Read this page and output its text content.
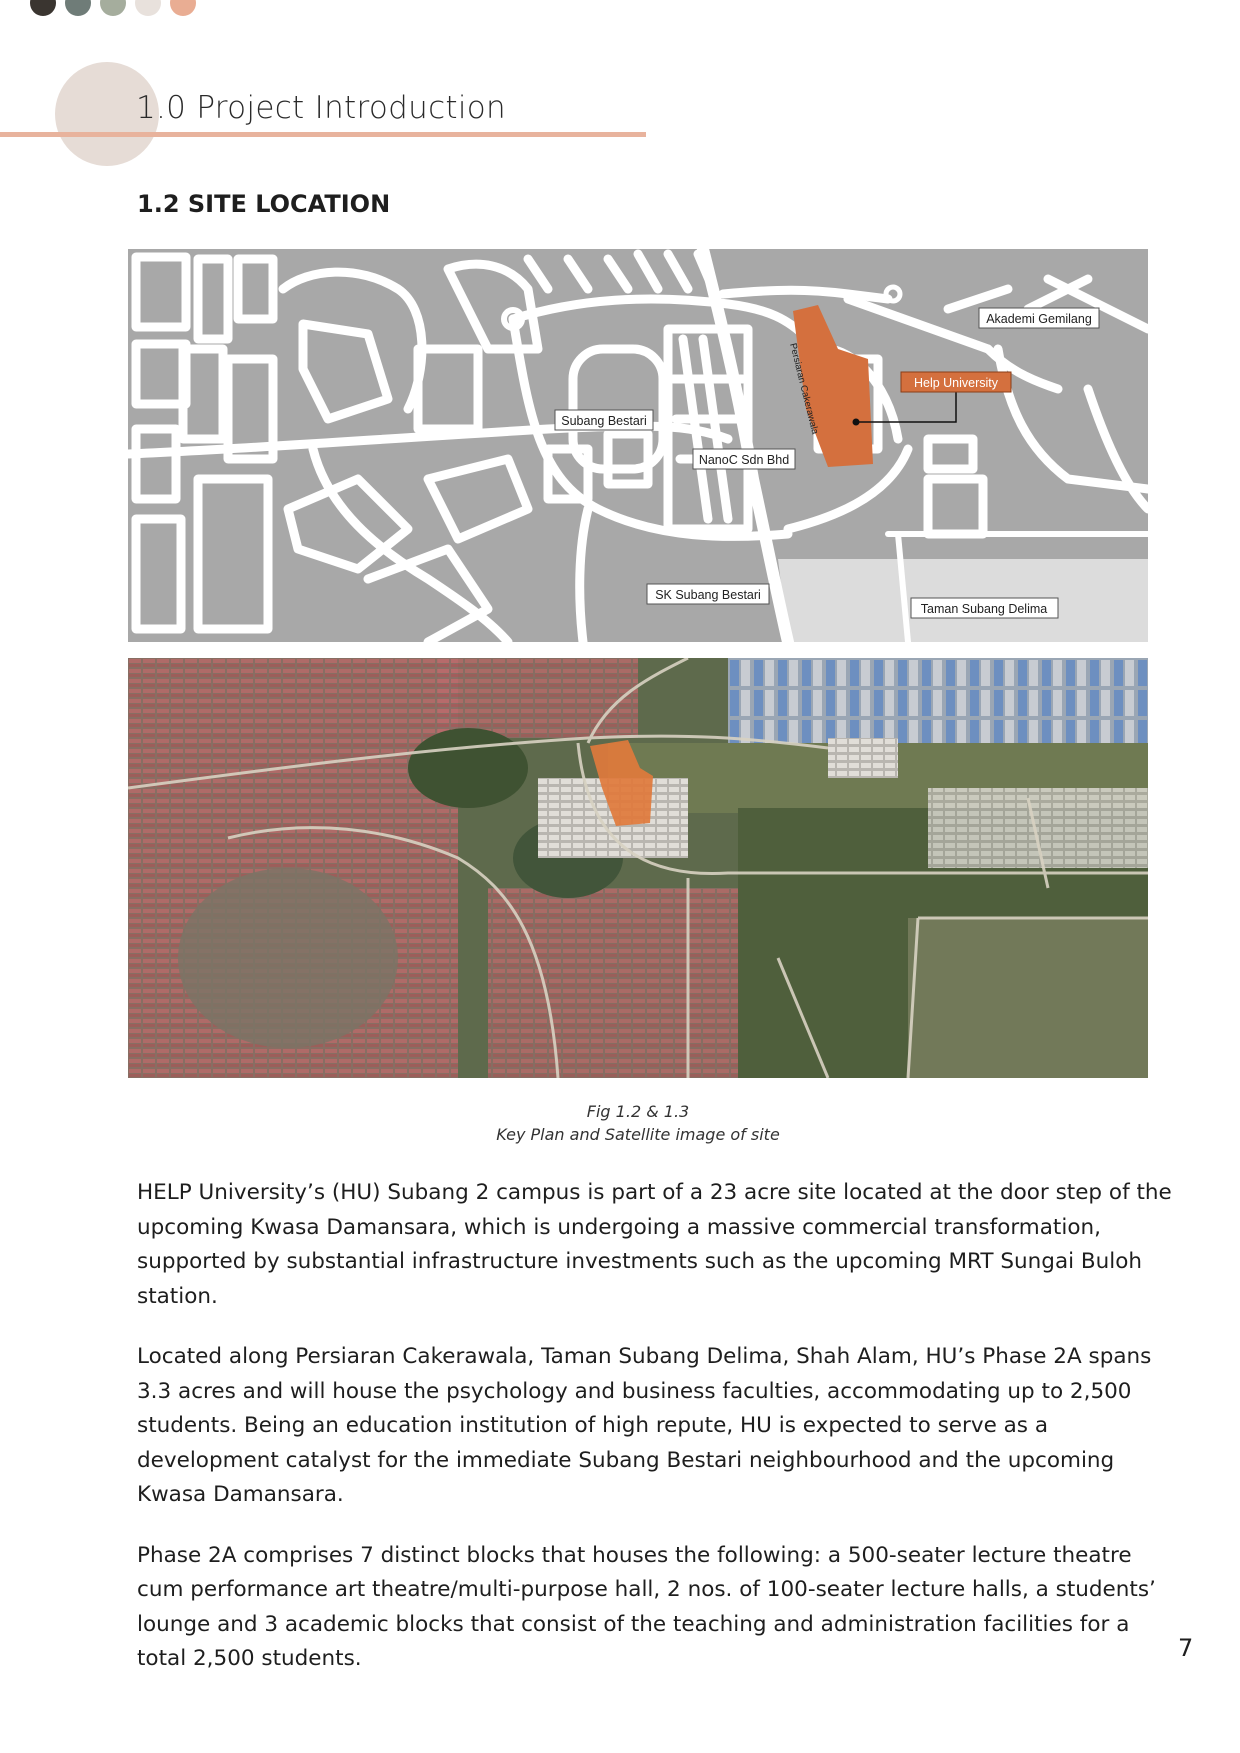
1.0 Project Introduction
1.2 SITE LOCATION
Akademi Gemilang
Help University
Persiaran Cakerawala
Subang Bestari
NanoC Sdn Bhd
SK Subang Bestari
Taman Subang Delima
Fig 1.2 & 1.3
Key Plan and Satellite image of site

HELP University’s (HU) Subang 2 campus is part of a 23 acre site located at the door step of the upcoming Kwasa Damansara, which is undergoing a massive commercial transformation, supported by substantial infrastructure investments such as the upcoming MRT Sungai Buloh station.

Located along Persiaran Cakerawala, Taman Subang Delima, Shah Alam, HU’s Phase 2A spans 3.3 acres and will house the psychology and business faculties, accommodating up to 2,500 students. Being an education institution of high repute, HU is expected to serve as a development catalyst for the immediate Subang Bestari neighbourhood and the upcoming Kwasa Damansara.

Phase 2A comprises 7 distinct blocks that houses the following: a 500-seater lecture theatre cum performance art theatre/multi-purpose hall, 2 nos. of 100-seater lecture halls, a students’ lounge and 3 academic blocks that consist of the teaching and administration facilities for a total 2,500 students.	7
